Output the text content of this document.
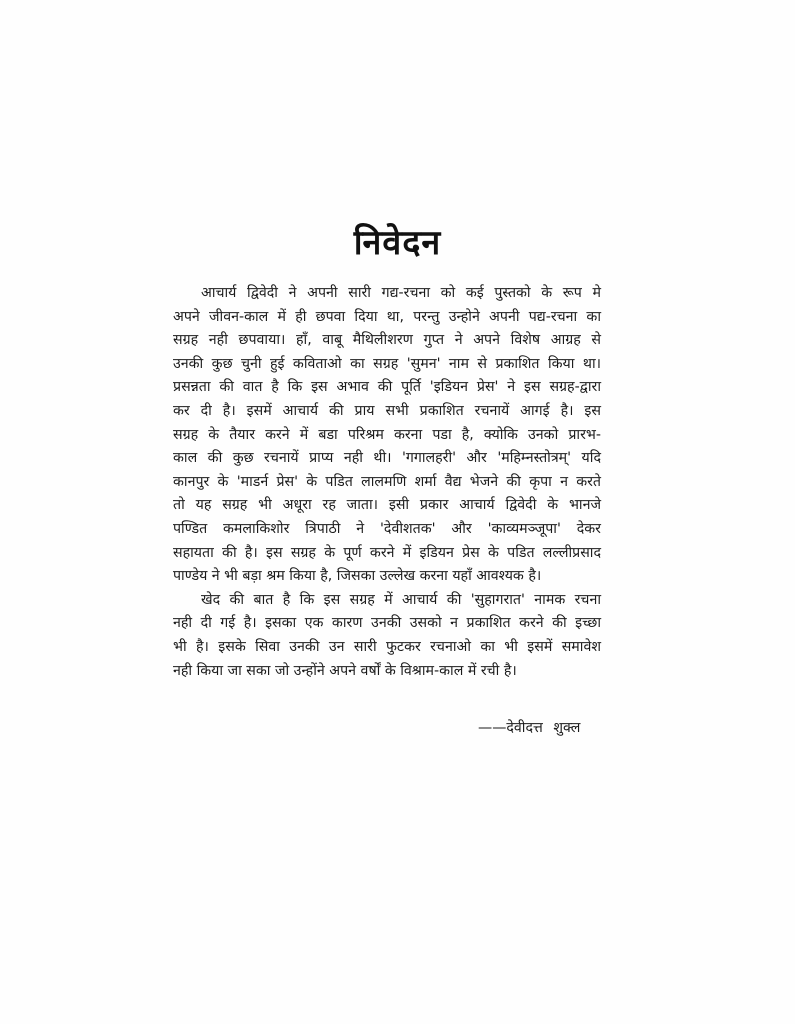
निवेदन
आचार्य द्विवेदी ने अपनी सारी गद्य-रचना को कई पुस्तको के रूप मे
अपने जीवन-काल में ही छपवा दिया था, परन्तु उन्होने अपनी पद्य-रचना का
सग्रह नही छपवाया। हाँ, वाबू मैथिलीशरण गुप्त ने अपने विशेष आग्रह से
उनकी कुछ चुनी हुई कविताओ का सग्रह 'सुमन' नाम से प्रकाशित किया था।
प्रसन्नता की वात है कि इस अभाव की पूर्ति 'इडियन प्रेस' ने इस सग्रह-द्वारा
कर दी है। इसमें आचार्य की प्राय सभी प्रकाशित रचनायें आगई है। इस
सग्रह के तैयार करने में बडा परिश्रम करना पडा है, क्योकि उनको प्रारभ-
काल की कुछ रचनायें प्राप्य नही थी। 'गगालहरी' और 'महिम्नस्तोत्रम्' यदि
कानपुर के 'माडर्न प्रेस' के पडित लालमणि शर्मा वैद्य भेजने की कृपा न करते
तो यह सग्रह भी अधूरा रह जाता। इसी प्रकार आचार्य द्विवेदी के भानजे
पण्डित कमलाकिशोर त्रिपाठी ने 'देवीशतक' और 'काव्यमञ्जूपा' देकर
सहायता की है। इस सग्रह के पूर्ण करने में इडियन प्रेस के पडित लल्लीप्रसाद
पाण्डेय ने भी बड़ा श्रम किया है, जिसका उल्लेख करना यहाँ आवश्यक है।
खेद की बात है कि इस सग्रह में आचार्य की 'सुहागरात' नामक रचना
नही दी गई है। इसका एक कारण उनकी उसको न प्रकाशित करने की इच्छा
भी है। इसके सिवा उनकी उन सारी फुटकर रचनाओ का भी इसमें समावेश
नही किया जा सका जो उन्होंने अपने वर्षों के विश्राम-काल में रची है।
——देवीदत्त शुक्ल
